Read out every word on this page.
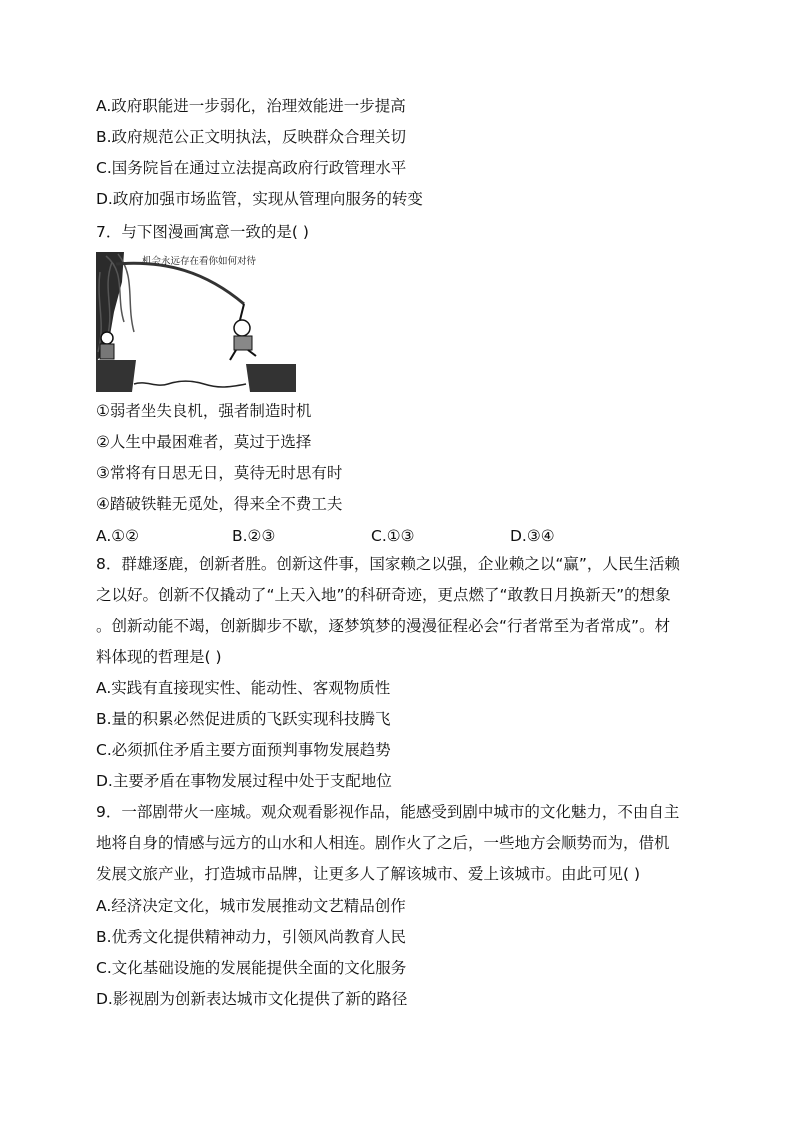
A.政府职能进一步弱化，治理效能进一步提高
B.政府规范公正文明执法，反映群众合理关切
C.国务院旨在通过立法提高政府行政管理水平
D.政府加强市场监管，实现从管理向服务的转变
7．与下图漫画寓意一致的是( )
机会永远存在看你如何对待
①弱者坐失良机，强者制造时机
②人生中最困难者，莫过于选择
③常将有日思无日，莫待无时思有时
④踏破铁鞋无觅处，得来全不费工夫
A.①②	B.②③	C.①③	D.③④
8．群雄逐鹿，创新者胜。创新这件事，国家赖之以强，企业赖之以“赢”，人民生活赖
之以好。创新不仅撬动了“上天入地”的科研奇迹，更点燃了“敢教日月换新天”的想象
。创新动能不竭，创新脚步不歇，逐梦筑梦的漫漫征程必会“行者常至为者常成”。材
料体现的哲理是( )
A.实践有直接现实性、能动性、客观物质性
B.量的积累必然促进质的飞跃实现科技腾飞
C.必须抓住矛盾主要方面预判事物发展趋势
D.主要矛盾在事物发展过程中处于支配地位
9．一部剧带火一座城。观众观看影视作品，能感受到剧中城市的文化魅力，不由自主
地将自身的情感与远方的山水和人相连。剧作火了之后，一些地方会顺势而为，借机
发展文旅产业，打造城市品牌，让更多人了解该城市、爱上该城市。由此可见( )
A.经济决定文化，城市发展推动文艺精品创作
B.优秀文化提供精神动力，引领风尚教育人民
C.文化基础设施的发展能提供全面的文化服务
D.影视剧为创新表达城市文化提供了新的路径
